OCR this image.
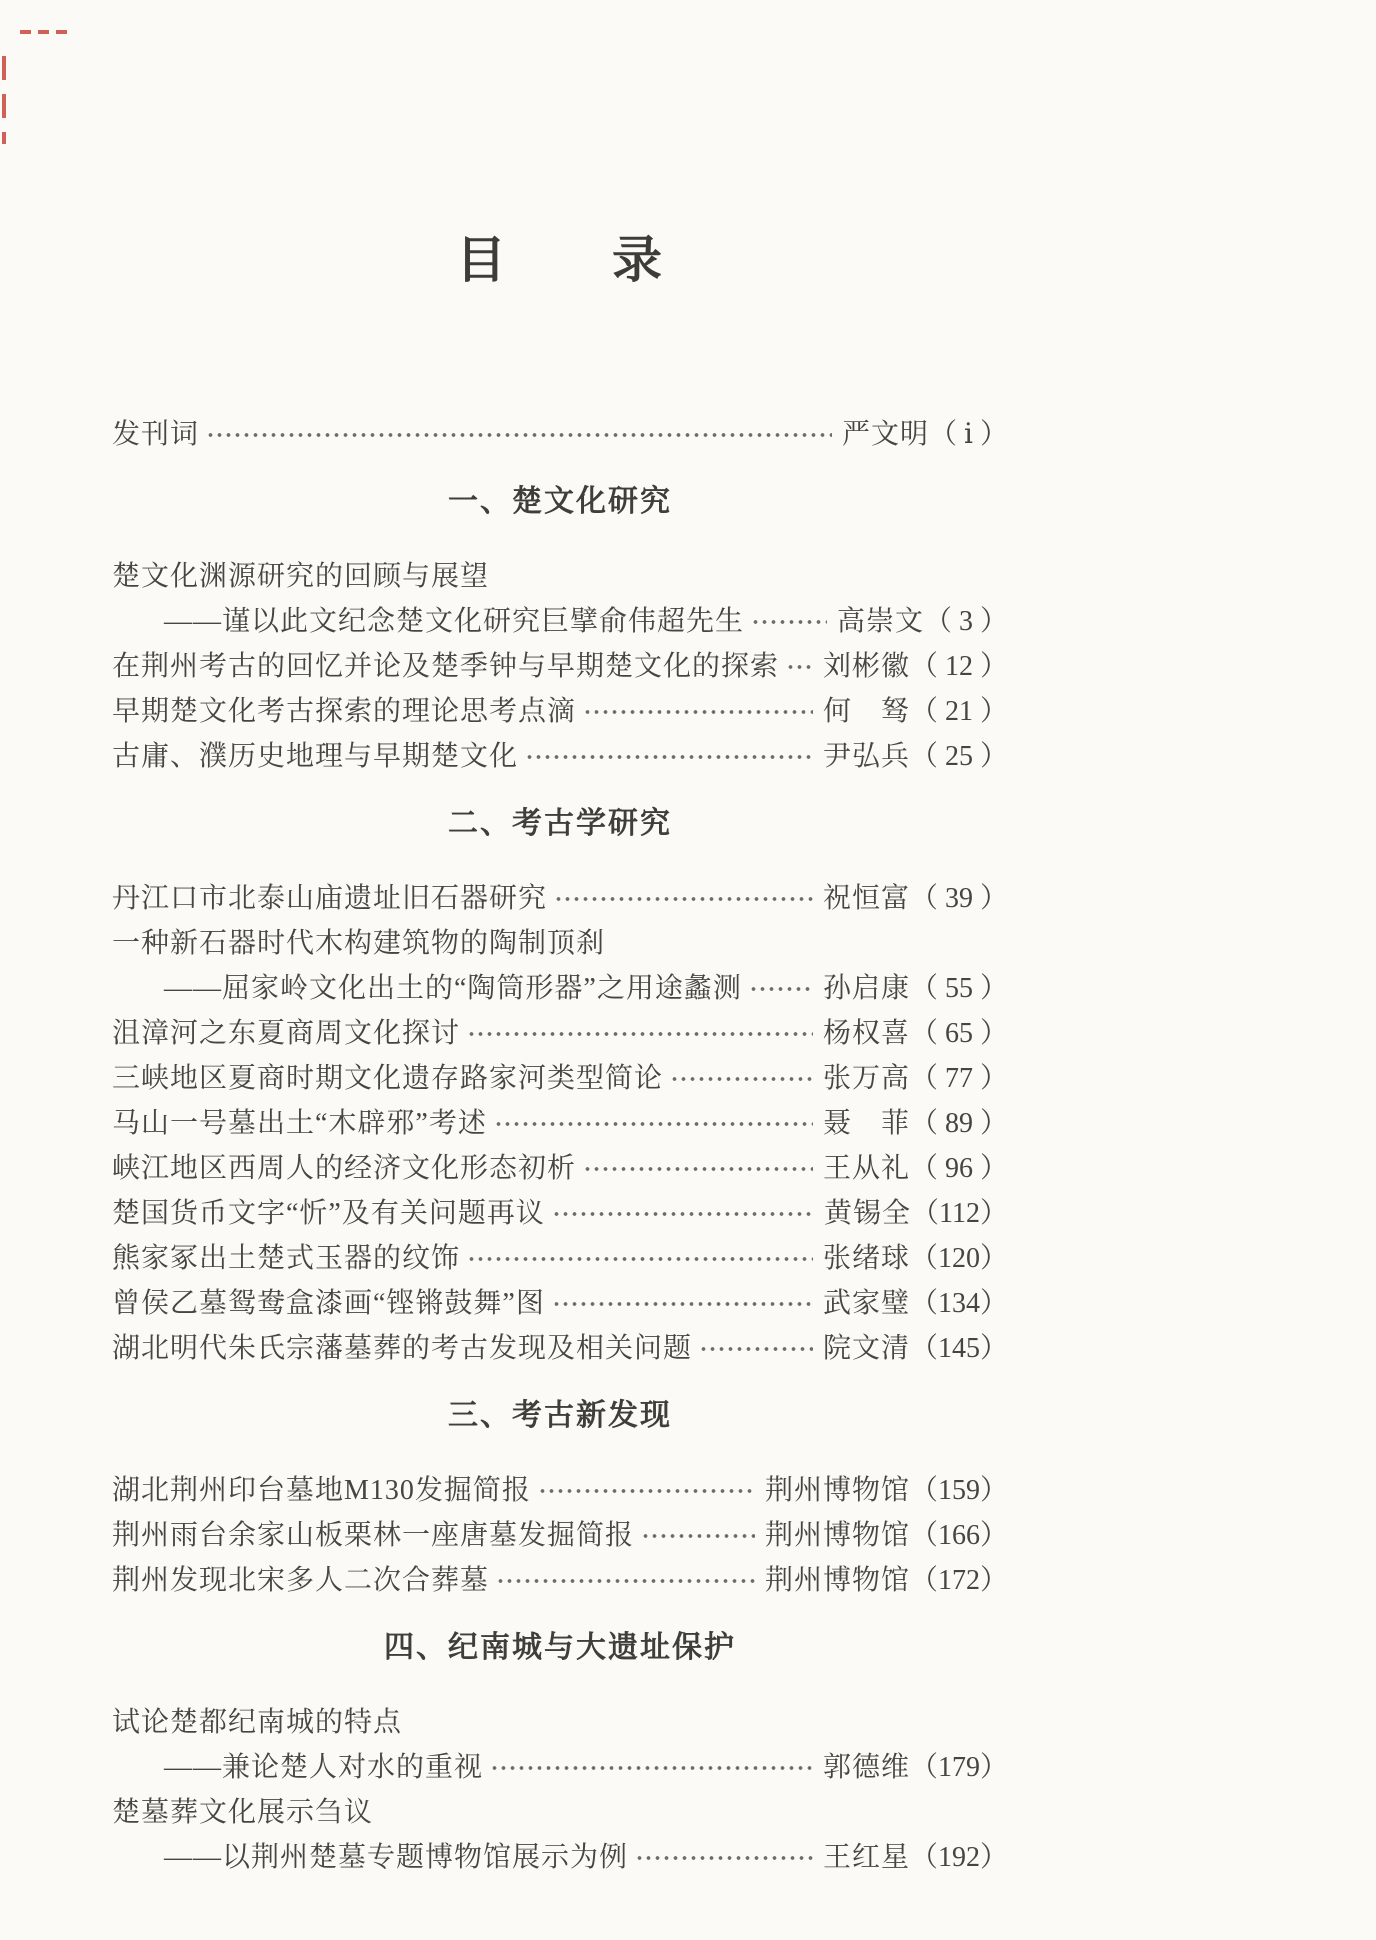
目　　录
发刊词	严文明 （ ⅰ ）
一、楚文化研究
楚文化渊源研究的回顾与展望
——谨以此文纪念楚文化研究巨擘俞伟超先生	高崇文 （ 3 ）
在荆州考古的回忆并论及楚季钟与早期楚文化的探索 刘彬徽 （ 12 ）
早期楚文化考古探索的理论思考点滴	何　驽 （ 21 ）
古庸、濮历史地理与早期楚文化	尹弘兵 （ 25 ）
二、考古学研究
丹江口市北泰山庙遗址旧石器研究	祝恒富 （ 39 ）
一种新石器时代木构建筑物的陶制顶刹
——屈家岭文化出土的“陶筒形器”之用途蠡测	孙启康 （ 55 ）
沮漳河之东夏商周文化探讨	杨权喜 （ 65 ）
三峡地区夏商时期文化遗存路家河类型简论	张万高 （ 77 ）
马山一号墓出土“木辟邪”考述	聂　菲 （ 89 ）
峡江地区西周人的经济文化形态初析	王从礼 （ 96 ）
楚国货币文字“忻”及有关问题再议	黄锡全 （112）
熊家冢出土楚式玉器的纹饰	张绪球 （120）
曾侯乙墓鸳鸯盒漆画“铿锵鼓舞”图	武家璧 （134）
湖北明代朱氏宗藩墓葬的考古发现及相关问题	院文清 （145）
三、考古新发现
湖北荆州印台墓地M130发掘简报	荆州博物馆 （159）
荆州雨台余家山板栗林一座唐墓发掘简报	荆州博物馆 （166）
荆州发现北宋多人二次合葬墓	荆州博物馆 （172）
四、纪南城与大遗址保护
试论楚都纪南城的特点
——兼论楚人对水的重视	郭德维 （179）
楚墓葬文化展示刍议
——以荆州楚墓专题博物馆展示为例	王红星 （192）
